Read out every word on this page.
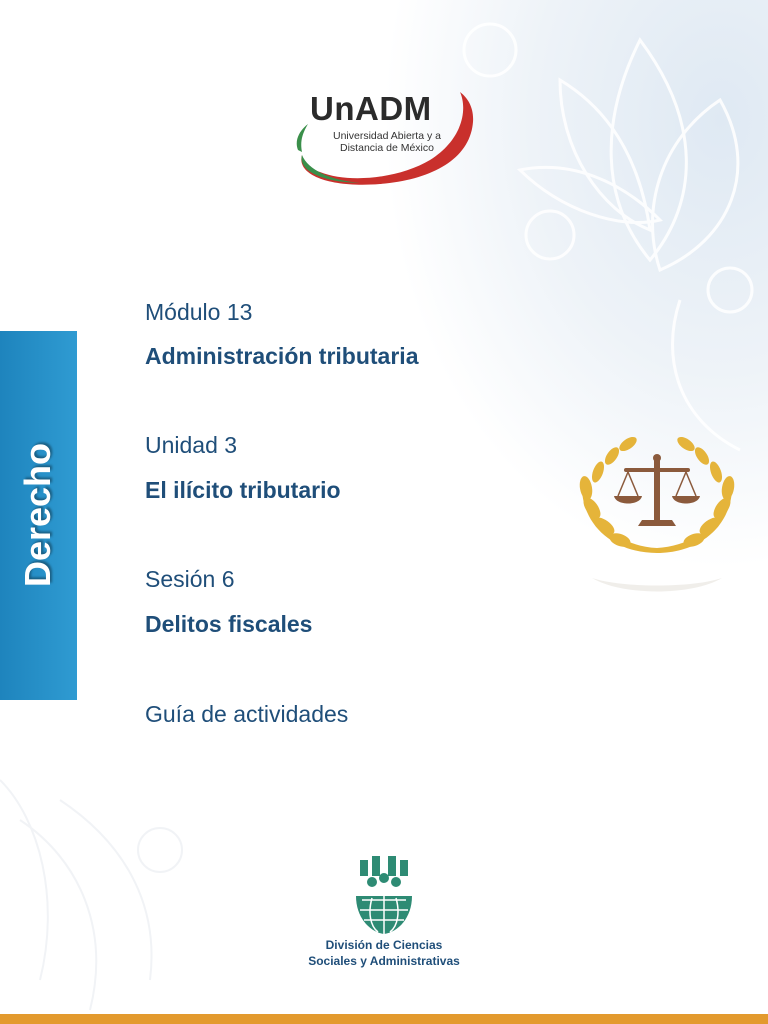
UnADM
Universidad Abierta y a
Distancia de México
Derecho
Módulo 13
Administración tributaria
Unidad 3
El ilícito tributario
Sesión 6
Delitos fiscales
Guía de actividades
División de Ciencias
Sociales y Administrativas
